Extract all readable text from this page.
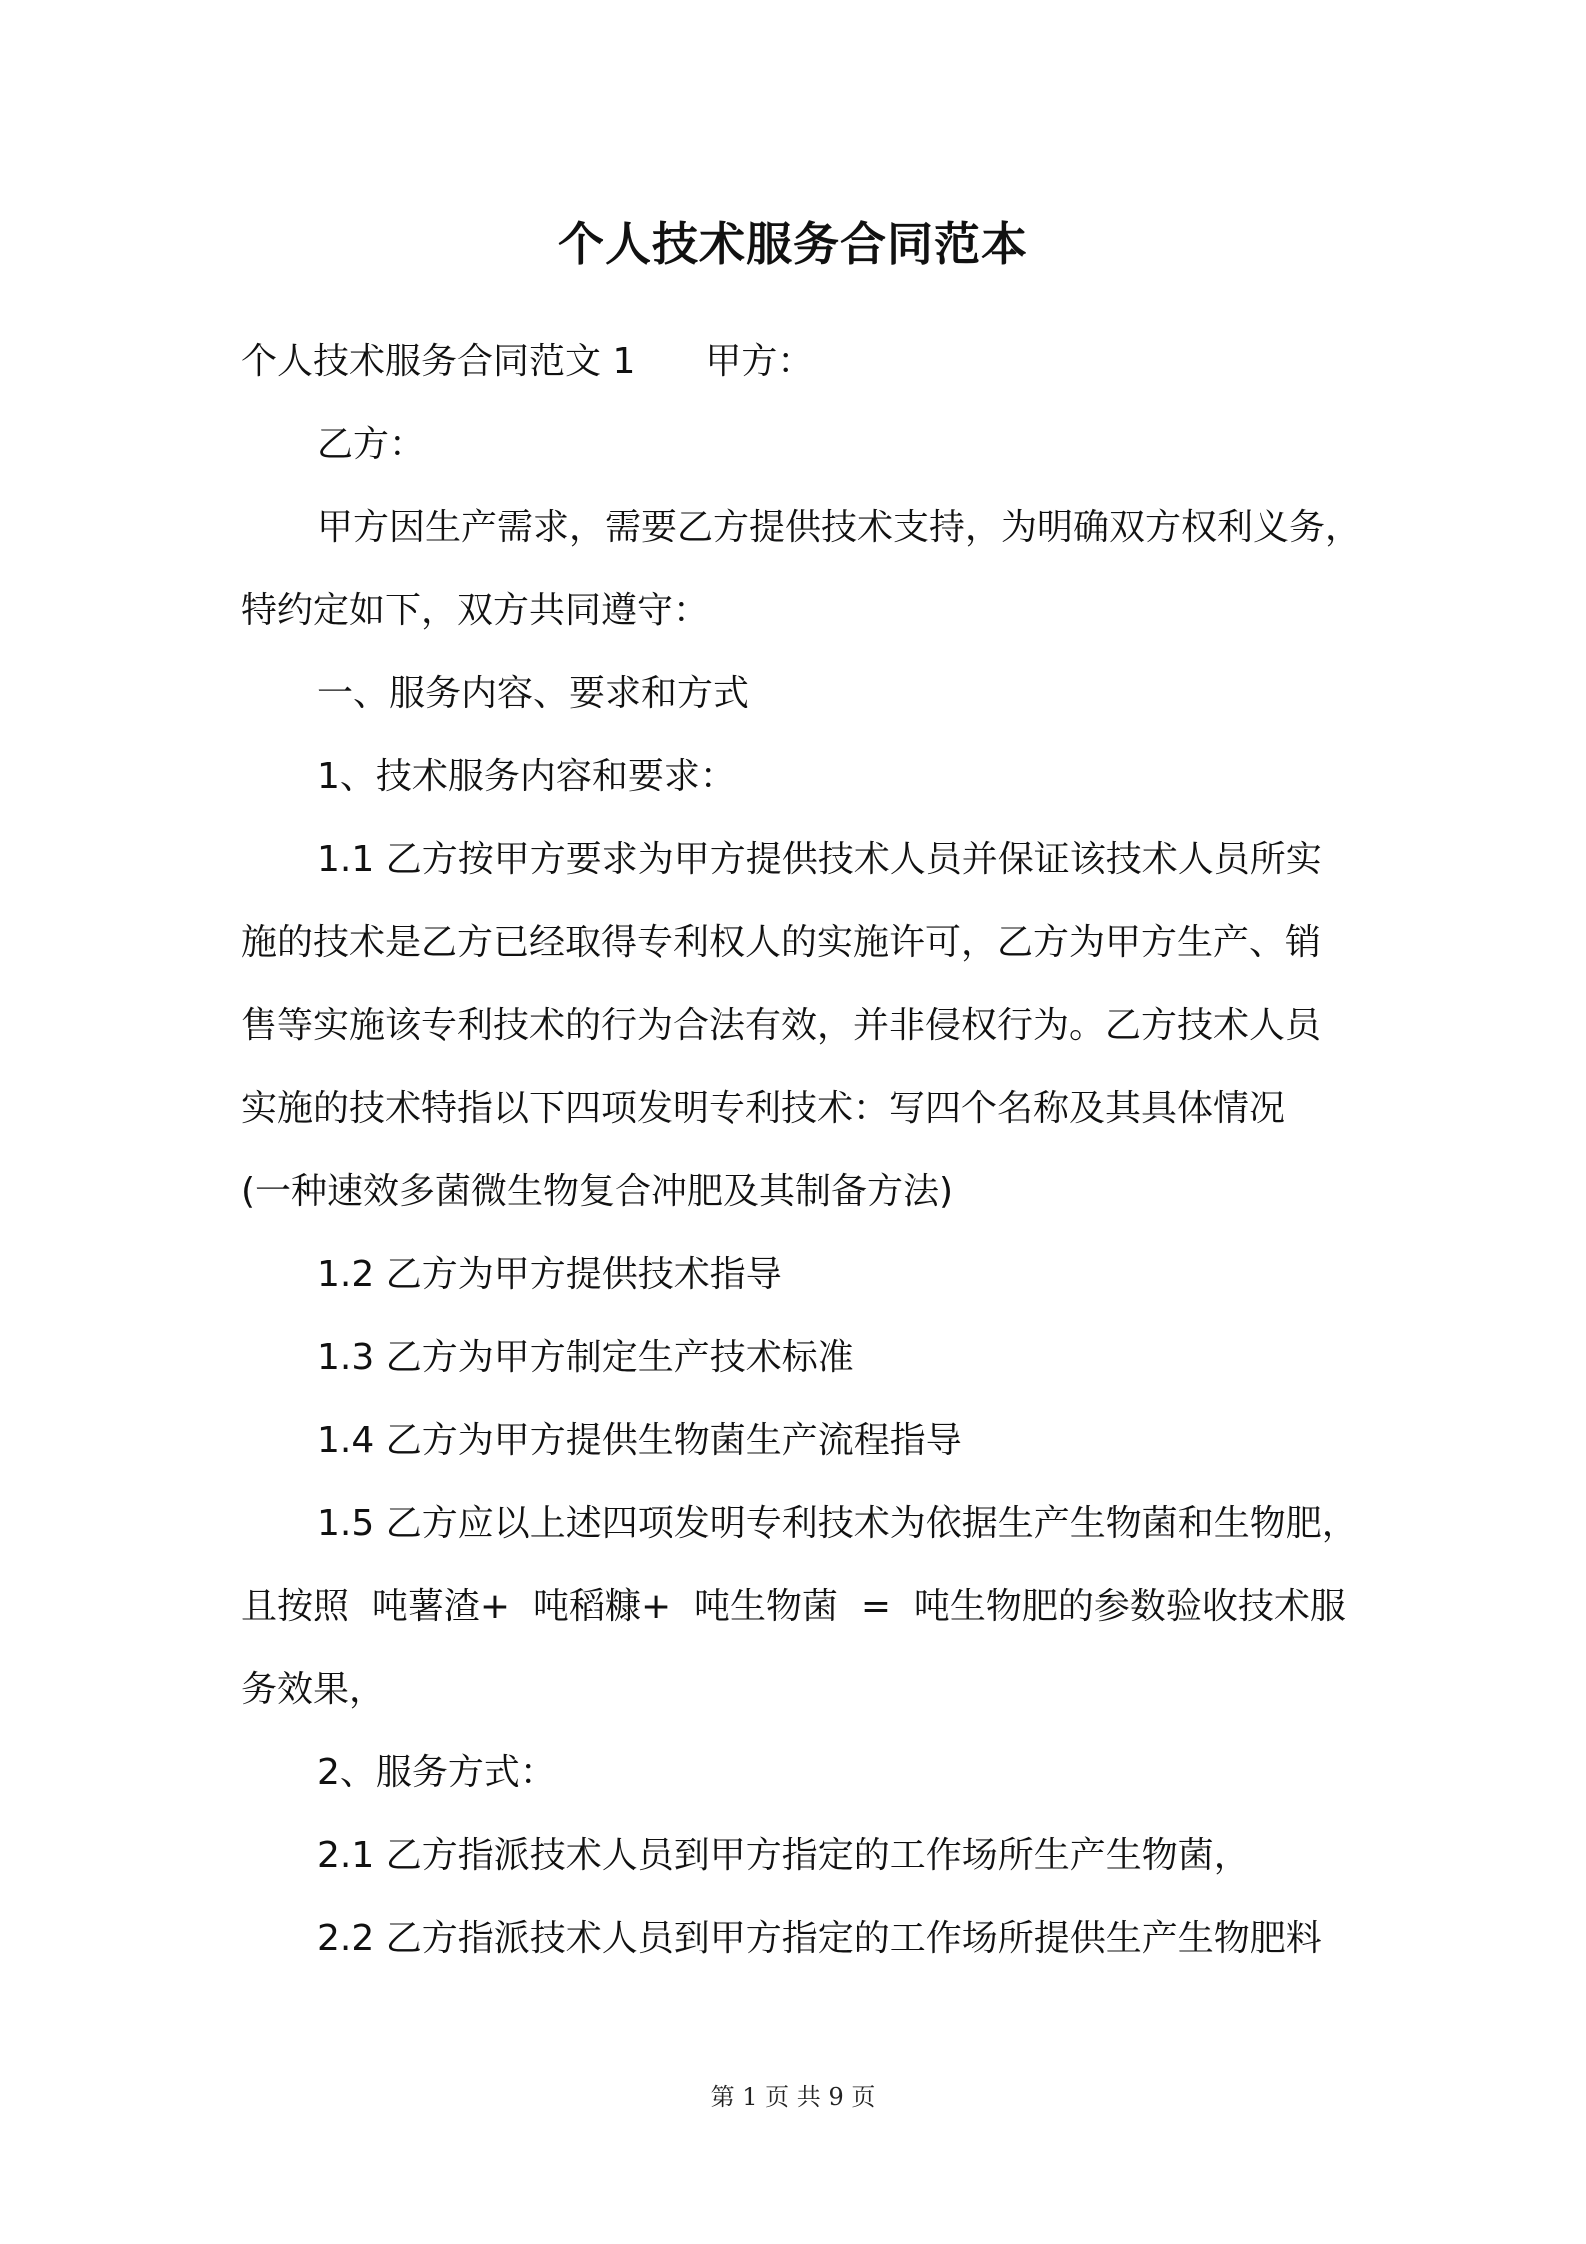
个人技术服务合同范本
个人技术服务合同范文 1 甲方：
乙方：
甲方因生产需求，需要乙方提供技术支持，为明确双方权利义务，
特约定如下，双方共同遵守：
一、服务内容、要求和方式
1、技术服务内容和要求：
1.1 乙方按甲方要求为甲方提供技术人员并保证该技术人员所实
施的技术是乙方已经取得专利权人的实施许可，乙方为甲方生产、销
售等实施该专利技术的行为合法有效，并非侵权行为。乙方技术人员
实施的技术特指以下四项发明专利技术：写四个名称及其具体情况
(一种速效多菌微生物复合冲肥及其制备方法)
1.2 乙方为甲方提供技术指导
1.3 乙方为甲方制定生产技术标准
1.4 乙方为甲方提供生物菌生产流程指导
1.5 乙方应以上述四项发明专利技术为依据生产生物菌和生物肥，
且按照  吨薯渣+  吨稻糠+  吨生物菌  =  吨生物肥的参数验收技术服
务效果，
2、服务方式：
2.1 乙方指派技术人员到甲方指定的工作场所生产生物菌，
2.2 乙方指派技术人员到甲方指定的工作场所提供生产生物肥料
第 1 页 共 9 页
